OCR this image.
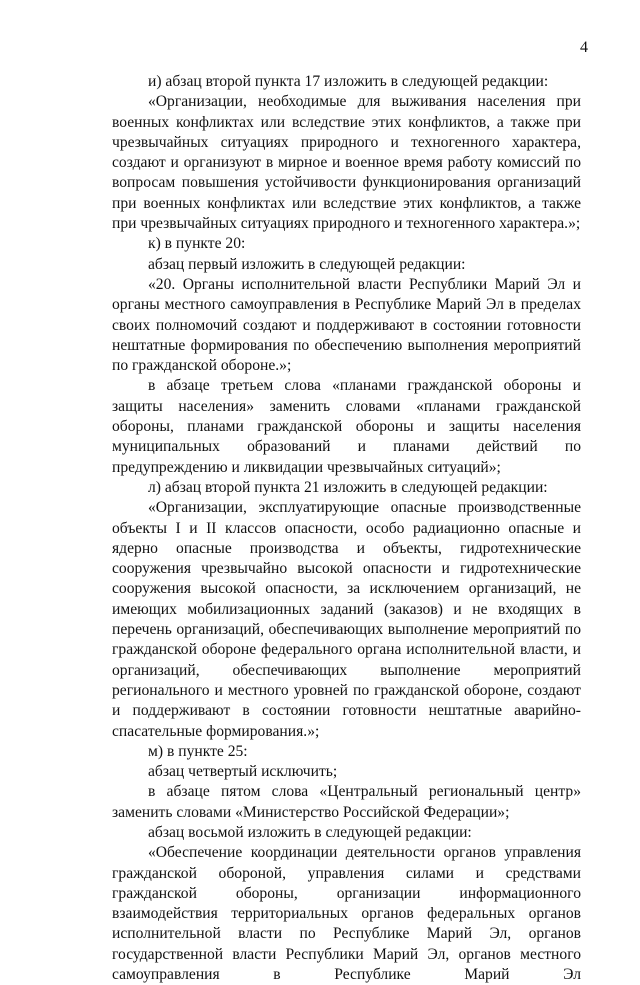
4

и) абзац второй пункта 17 изложить в следующей редакции:

«Организации, необходимые для выживания населения при военных конфликтах или вследствие этих конфликтов, а также при чрезвычайных ситуациях природного и техногенного характера, создают и организуют в мирное и военное время работу комиссий по вопросам повышения устойчивости функционирования организаций при военных конфликтах или вследствие этих конфликтов, а также при чрезвычайных ситуациях природного и техногенного характера.»;

к) в пункте 20:

абзац первый изложить в следующей редакции:

«20. Органы исполнительной власти Республики Марий Эл и органы местного самоуправления в Республике Марий Эл в пределах своих полномочий создают и поддерживают в состоянии готовности нештатные формирования по обеспечению выполнения мероприятий по гражданской обороне.»;

в абзаце третьем слова «планами гражданской обороны и защиты населения» заменить словами «планами гражданской обороны, планами гражданской обороны и защиты населения муниципальных образований и планами действий по предупреждению и ликвидации чрезвычайных ситуаций»;

л) абзац второй пункта 21 изложить в следующей редакции:

«Организации, эксплуатирующие опасные производственные объекты I и II классов опасности, особо радиационно опасные и ядерно опасные производства и объекты, гидротехнические сооружения чрезвычайно высокой опасности и гидротехнические сооружения высокой опасности, за исключением организаций, не имеющих мобилизационных заданий (заказов) и не входящих в перечень организаций, обеспечивающих выполнение мероприятий по гражданской обороне федерального органа исполнительной власти, и организаций, обеспечивающих выполнение мероприятий регионального и местного уровней по гражданской обороне, создают и поддерживают в состоянии готовности нештатные аварийно-спасательные формирования.»;

м) в пункте 25:

абзац четвертый исключить;

в абзаце пятом слова «Центральный региональный центр» заменить словами «Министерство Российской Федерации»;

абзац восьмой изложить в следующей редакции:

«Обеспечение координации деятельности органов управления гражданской обороной, управления силами и средствами гражданской обороны, организации информационного взаимодействия территориальных органов федеральных органов исполнительной власти по Республике Марий Эл, органов государственной власти Республики Марий Эл, органов местного самоуправления в Республике Марий Эл
